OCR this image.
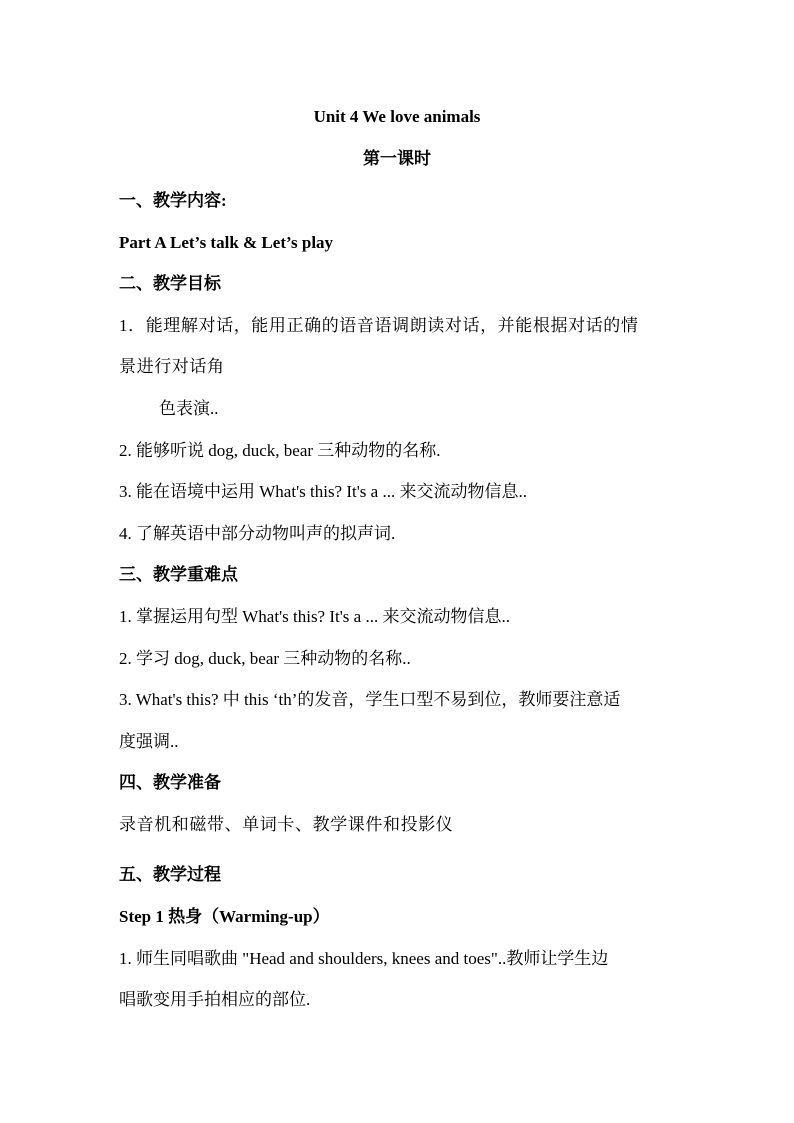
Unit 4 We love animals
第一课时
一、教学内容:
Part A Let’s talk & Let’s play
二、教学目标
1．能理解对话，能用正确的语音语调朗读对话，并能根据对话的情
景进行对话角
色表演..
2. 能够听说 dog, duck, bear 三种动物的名称.
3. 能在语境中运用 What's this? It's a ... 来交流动物信息..
4. 了解英语中部分动物叫声的拟声词.
三、教学重难点
1. 掌握运用句型 What's this? It's a ... 来交流动物信息..
2. 学习 dog, duck, bear 三种动物的名称..
3. What's this? 中 this ‘th’的发音，学生口型不易到位，教师要注意适
度强调..
四、教学准备
录音机和磁带、单词卡、教学课件和投影仪
五、教学过程
Step 1 热身（Warming-up）
1. 师生同唱歌曲 "Head and shoulders, knees and toes"..教师让学生边
唱歌变用手拍相应的部位.
